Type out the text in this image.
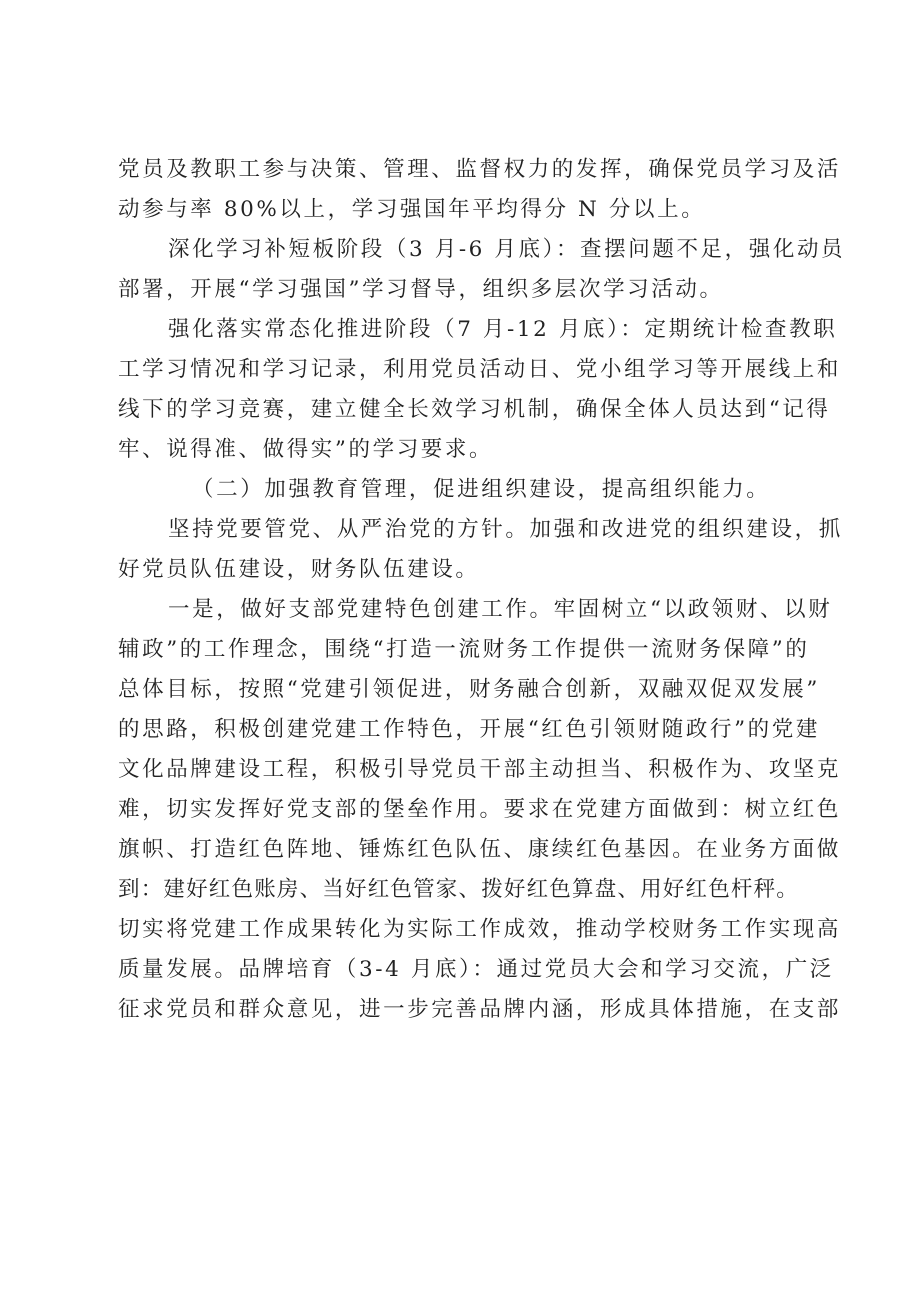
党员及教职工参与决策、管理、监督权力的发挥，确保党员学习及活
动参与率 80%以上，学习强国年平均得分 N 分以上。
深化学习补短板阶段（3 月-6 月底）：查摆问题不足，强化动员
部署，开展“学习强国”学习督导，组织多层次学习活动。
强化落实常态化推进阶段（7 月-12 月底）：定期统计检查教职
工学习情况和学习记录，利用党员活动日、党小组学习等开展线上和
线下的学习竞赛，建立健全长效学习机制，确保全体人员达到“记得
牢、说得准、做得实”的学习要求。
（二）加强教育管理，促进组织建设，提高组织能力。
坚持党要管党、从严治党的方针。加强和改进党的组织建设，抓
好党员队伍建设，财务队伍建设。
一是，做好支部党建特色创建工作。牢固树立“以政领财、以财
辅政”的工作理念，围绕“打造一流财务工作提供一流财务保障”的
总体目标，按照“党建引领促进，财务融合创新，双融双促双发展”
的思路，积极创建党建工作特色，开展“红色引领财随政行”的党建
文化品牌建设工程，积极引导党员干部主动担当、积极作为、攻坚克
难，切实发挥好党支部的堡垒作用。要求在党建方面做到：树立红色
旗帜、打造红色阵地、锤炼红色队伍、康续红色基因。在业务方面做
到：建好红色账房、当好红色管家、拨好红色算盘、用好红色杆秤。
切实将党建工作成果转化为实际工作成效，推动学校财务工作实现高
质量发展。品牌培育（3-4 月底）：通过党员大会和学习交流，广泛
征求党员和群众意见，进一步完善品牌内涵，形成具体措施，在支部
